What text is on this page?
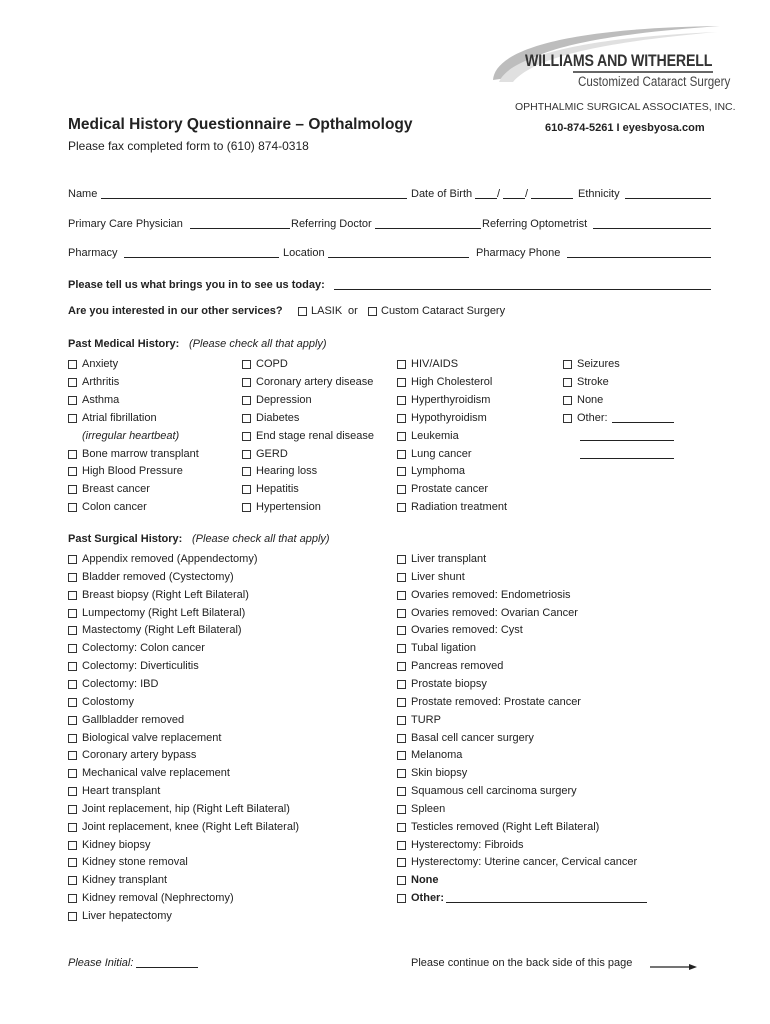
WILLIAMS AND WITHERELL
Customized Cataract Surgery
OPHTHALMIC SURGICAL ASSOCIATES, INC.
610-874-5261 I eyesbyosa.com
Medical History Questionnaire – Opthalmology
Please fax completed form to (610) 874-0318
Name	Date of Birth / /	Ethnicity
Primary Care Physician	Referring Doctor	Referring Optometrist
Pharmacy	Location	Pharmacy Phone
Please tell us what brings you in to see us today:
Are you interested in our other services?	LASIK or Custom Cataract Surgery
Past Medical History: (Please check all that apply)
Anxiety
Arthritis
Asthma
Atrial fibrillation
(irregular heartbeat)
Bone marrow transplant
High Blood Pressure
Breast cancer
Colon cancer
COPD
Coronary artery disease
Depression
Diabetes
End stage renal disease
GERD
Hearing loss
Hepatitis
Hypertension
HIV/AIDS
High Cholesterol
Hyperthyroidism
Hypothyroidism
Leukemia
Lung cancer
Lymphoma
Prostate cancer
Radiation treatment
Seizures
Stroke
None
Other:
Past Surgical History: (Please check all that apply)
Appendix removed (Appendectomy)
Bladder removed (Cystectomy)
Breast biopsy (Right Left Bilateral)
Lumpectomy (Right Left Bilateral)
Mastectomy (Right Left Bilateral)
Colectomy: Colon cancer
Colectomy: Diverticulitis
Colectomy: IBD
Colostomy
Gallbladder removed
Biological valve replacement
Coronary artery bypass
Mechanical valve replacement
Heart transplant
Joint replacement, hip (Right Left Bilateral)
Joint replacement, knee (Right Left Bilateral)
Kidney biopsy
Kidney stone removal
Kidney transplant
Kidney removal (Nephrectomy)
Liver hepatectomy
Liver transplant
Liver shunt
Ovaries removed: Endometriosis
Ovaries removed: Ovarian Cancer
Ovaries removed: Cyst
Tubal ligation
Pancreas removed
Prostate biopsy
Prostate removed: Prostate cancer
TURP
Basal cell cancer surgery
Melanoma
Skin biopsy
Squamous cell carcinoma surgery
Spleen
Testicles removed (Right Left Bilateral)
Hysterectomy: Fibroids
Hysterectomy: Uterine cancer, Cervical cancer
None
Other:
Please Initial:	Please continue on the back side of this page
